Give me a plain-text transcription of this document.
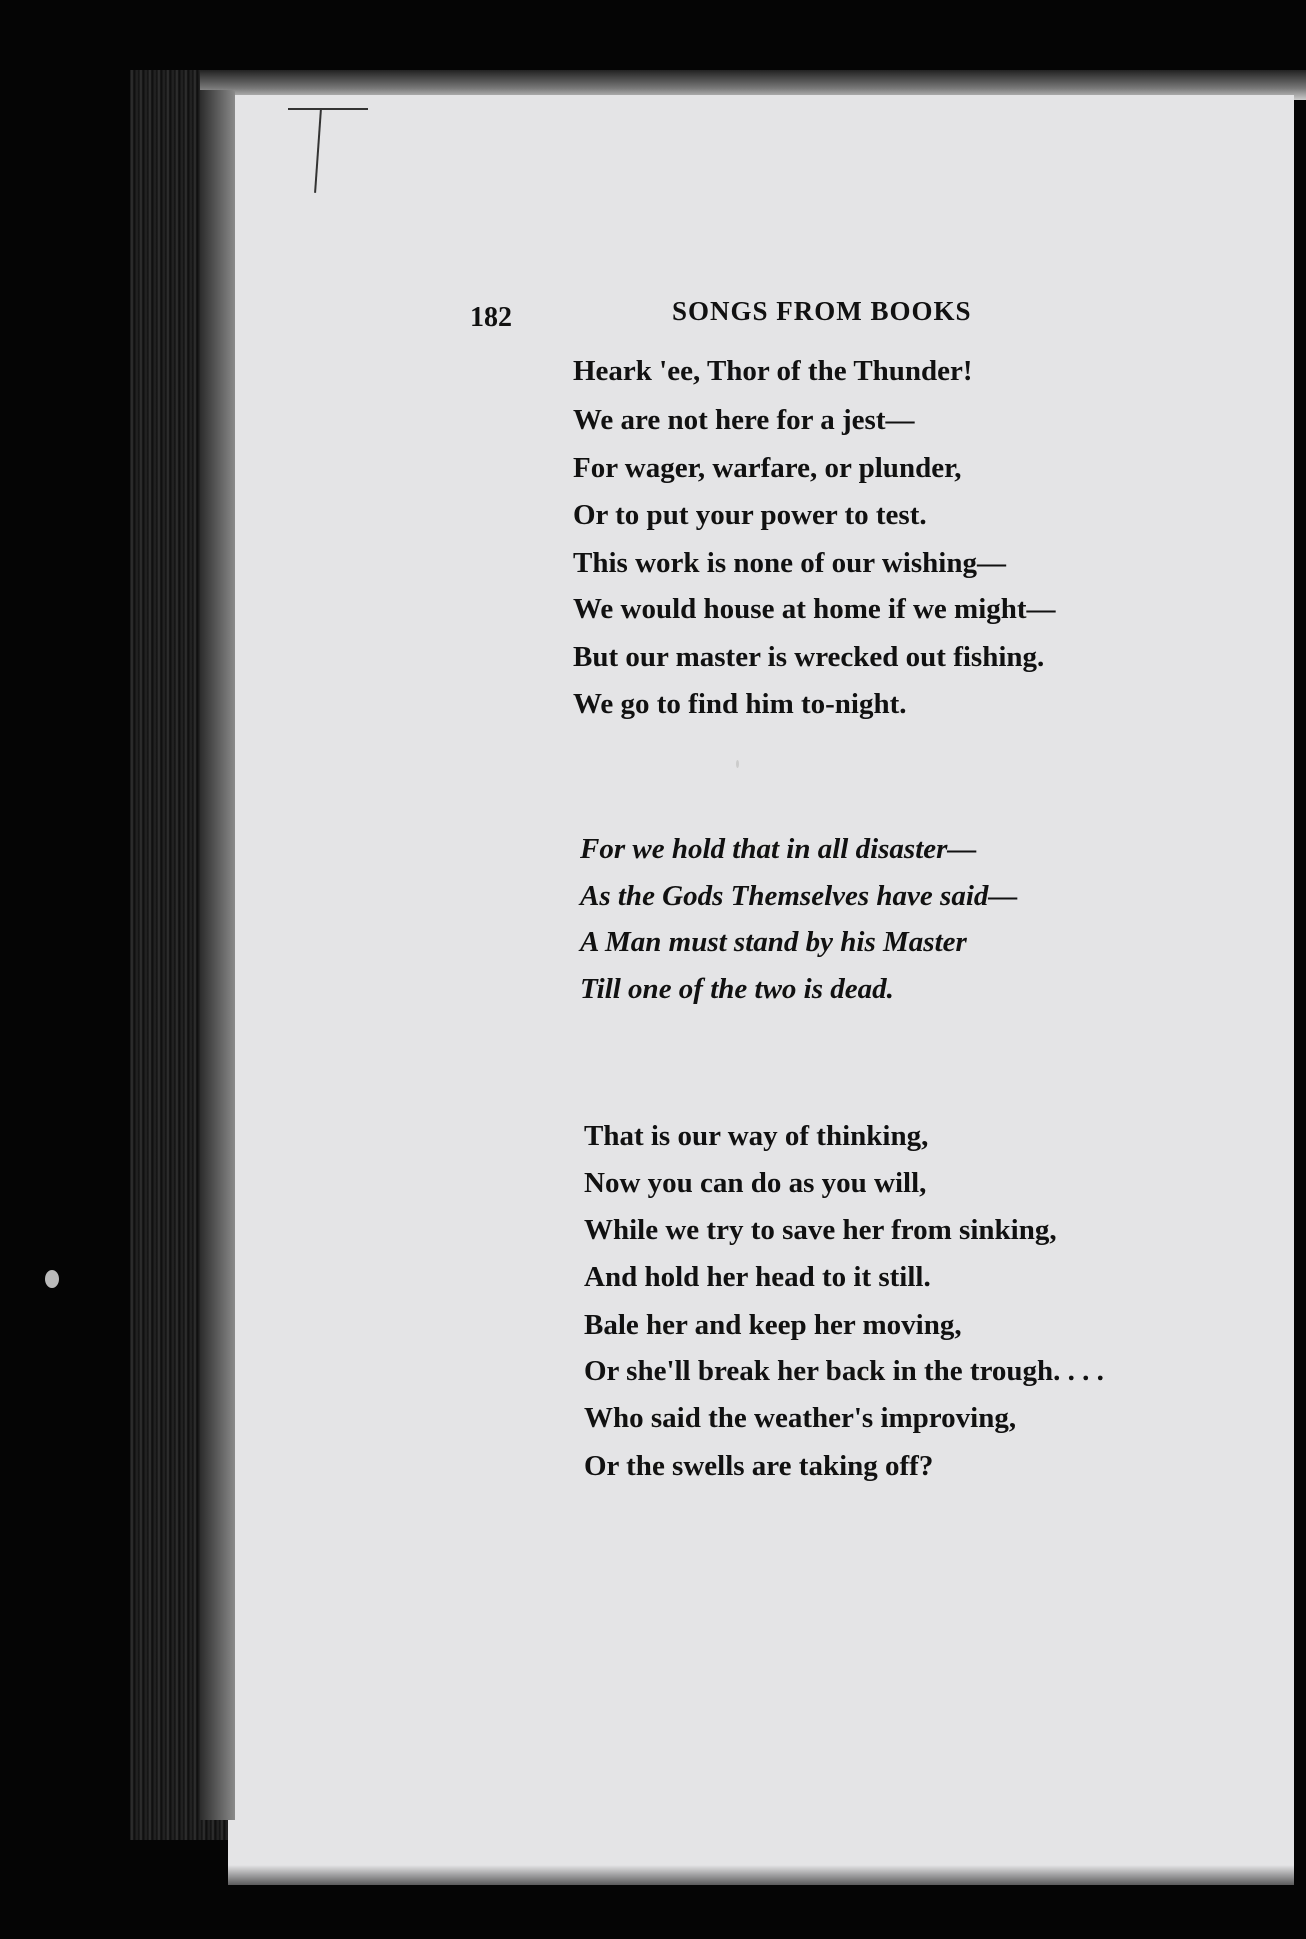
182	SONGS FROM BOOKS
Heark 'ee, Thor of the Thunder!
We are not here for a jest—
For wager, warfare, or plunder,
Or to put your power to test.
This work is none of our wishing—
We would house at home if we might—
But our master is wrecked out fishing.
We go to find him to-night.
For we hold that in all disaster—
As the Gods Themselves have said—
A Man must stand by his Master
Till one of the two is dead.
That is our way of thinking,
Now you can do as you will,
While we try to save her from sinking,
And hold her head to it still.
Bale her and keep her moving,
Or she'll break her back in the trough. . . .
Who said the weather's improving,
Or the swells are taking off?
